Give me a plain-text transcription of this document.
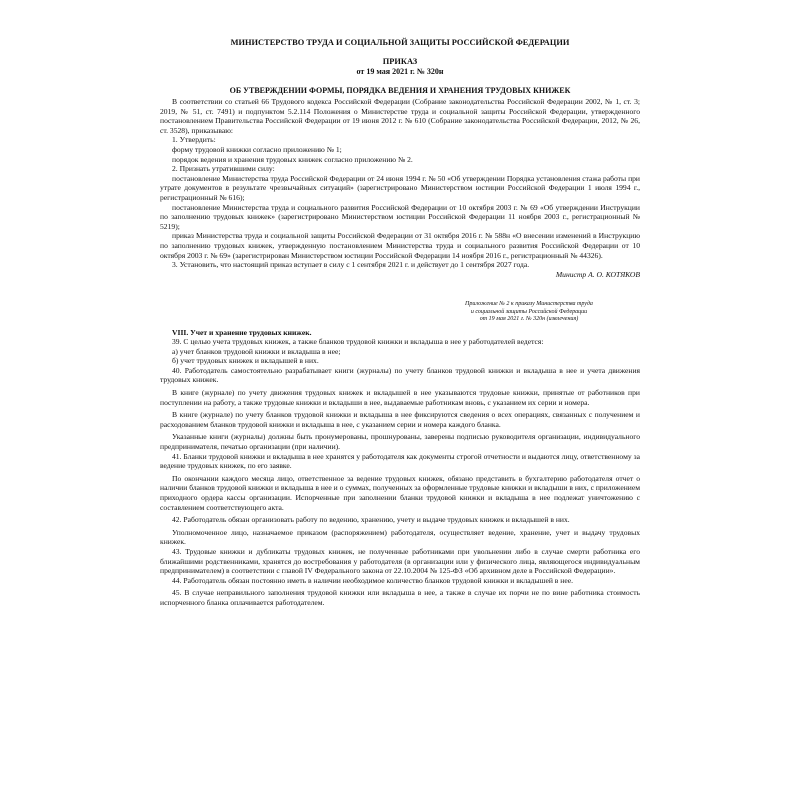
МИНИСТЕРСТВО ТРУДА И СОЦИАЛЬНОЙ ЗАЩИТЫ РОССИЙСКОЙ ФЕДЕРАЦИИ
ПРИКАЗ
от 19 мая 2021 г. № 320н
ОБ УТВЕРЖДЕНИИ ФОРМЫ, ПОРЯДКА ВЕДЕНИЯ И ХРАНЕНИЯ ТРУДОВЫХ КНИЖЕК

В соответствии со статьей 66 Трудового кодекса Российской Федерации (Собрание законодательства Российской Федерации 2002, № 1, ст. 3; 2019, № 51, ст. 7491) и подпунктом 5.2.114 Положения о Министерстве труда и социальной защиты Российской Федерации, утвержденного постановлением Правительства Российской Федерации от 19 июня 2012 г. № 610 (Собрание законодательства Российской Федерации, 2012, № 26, ст. 3528), приказываю:

1. Утвердить:

форму трудовой книжки согласно приложению № 1;

порядок ведения и хранения трудовых книжек согласно приложению № 2.

2. Признать утратившими силу:

постановление Министерства труда Российской Федерации от 24 июня 1994 г. № 50 «Об утверждении Порядка установления стажа работы при утрате документов в результате чрезвычайных ситуаций» (зарегистрировано Министерством юстиции Российской Федерации 1 июля 1994 г., регистрационный № 616);

постановление Министерства труда и социального развития Российской Федерации от 10 октября 2003 г. № 69 «Об утверждении Инструкции по заполнению трудовых книжек» (зарегистрировано Министерством юстиции Российской Федерации 11 ноября 2003 г., регистрационный № 5219);

приказ Министерства труда и социальной защиты Российской Федерации от 31 октября 2016 г. № 588н «О внесении изменений в Инструкцию по заполнению трудовых книжек, утвержденную постановлением Министерства труда и социального развития Российской Федерации от 10 октября 2003 г. № 69» (зарегистрирован Министерством юстиции Российской Федерации 14 ноября 2016 г., регистрационный № 44326).

3. Установить, что настоящий приказ вступает в силу с 1 сентября 2021 г. и действует до 1 сентября 2027 года.

Министр А. О. КОТЯКОВ

Приложение № 2 к приказу Министерства труда
и социальной защиты Российской Федерации
от 19 мая 2021 г. № 320н (извлечения)
VIII. Учет и хранение трудовых книжек.

39. С целью учета трудовых книжек, а также бланков трудовой книжки и вкладыша в нее у работодателей ведется:

а) учет бланков трудовой книжки и вкладыша в нее;

б) учет трудовых книжек и вкладышей в них.

40. Работодатель самостоятельно разрабатывает книги (журналы) по учету бланков трудовой книжки и вкладыша в нее и учета движения трудовых книжек.

В книге (журнале) по учету движения трудовых книжек и вкладышей в нее указываются трудовые книжки, принятые от работников при поступлении на работу, а также трудовые книжки и вкладыши в нее, выдаваемые работникам вновь, с указанием их серии и номера.

В книге (журнале) по учету бланков трудовой книжки и вкладыша в нее фиксируются сведения о всех операциях, связанных с получением и расходованием бланков трудовой книжки и вкладыша в нее, с указанием серии и номера каждого бланка.

Указанные книги (журналы) должны быть пронумерованы, прошнурованы, заверены подписью руководителя организации, индивидуального предпринимателя, печатью организации (при наличии).

41. Бланки трудовой книжки и вкладыша в нее хранятся у работодателя как документы строгой отчетности и выдаются лицу, ответственному за ведение трудовых книжек, по его заявке.

По окончании каждого месяца лицо, ответственное за ведение трудовых книжек, обязано представить в бухгалтерию работодателя отчет о наличии бланков трудовой книжки и вкладыша в нее и о суммах, полученных за оформленные трудовые книжки и вкладыши в них, с приложением приходного ордера кассы организации. Испорченные при заполнении бланки трудовой книжки и вкладыша в нее подлежат уничтожению с составлением соответствующего акта.

42. Работодатель обязан организовать работу по ведению, хранению, учету и выдаче трудовых книжек и вкладышей в них.

Уполномоченное лицо, назначаемое приказом (распоряжением) работодателя, осуществляет ведение, хранение, учет и выдачу трудовых книжек.

43. Трудовые книжки и дубликаты трудовых книжек, не полученные работниками при увольнении либо в случае смерти работника его ближайшими родственниками, хранятся до востребования у работодателя (в организации или у физического лица, являющегося индивидуальным предпринимателем) в соответствии с главой IV Федерального закона от 22.10.2004 № 125-ФЗ «Об архивном деле в Российской Федерации».

44. Работодатель обязан постоянно иметь в наличии необходимое количество бланков трудовой книжки и вкладышей в нее.

45. В случае неправильного заполнения трудовой книжки или вкладыша в нее, а также в случае их порчи не по вине работника стоимость испорченного бланка оплачивается работодателем.
